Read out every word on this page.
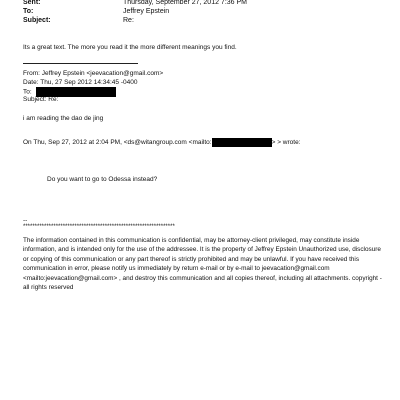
Sent:	Thursday, September 27, 2012 7:36 PM
To:	Jeffrey Epstein
Subject:	Re:
Its a great text. The more you read it the more different meanings you find.
From: Jeffrey Epstein <jeevacation@gmail.com>
Date: Thu, 27 Sep 2012 14:34:45 -0400
To:
Subject: Re:
i am reading the dao de jing
On Thu, Sep 27, 2012 at 2:04 PM, <ds@witangroup.com <mailto:	> > wrote:
Do you want to go to Odessa instead?
--
*****************************************************************
The information contained in this communication is confidential, may be attorney-client privileged, may constitute inside information, and is intended only for the use of the addressee. It is the property of Jeffrey Epstein Unauthorized use, disclosure or copying of this communication or any part thereof is strictly prohibited and may be unlawful. If you have received this communication in error, please notify us immediately by return e-mail or by e-mail to jeevacation@gmail.com <mailto:jeevacation@gmail.com> , and destroy this communication and all copies thereof, including all attachments. copyright -all rights reserved
